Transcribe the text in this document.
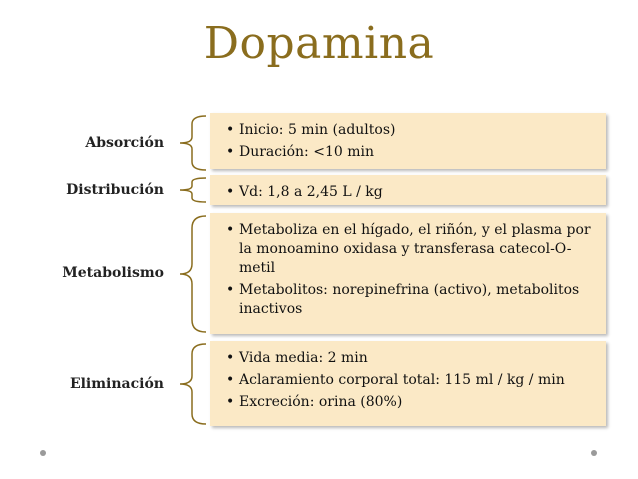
Dopamina
Absorción
• Inicio: 5 min (adultos)
• Duración: <10 min
Distribución	• Vd: 1,8 a 2,45 L / kg
Metabolismo
• Metaboliza en el hígado, el riñón, y el plasma por la monoamino oxidasa y transferasa catecol-O-metil
• Metabolitos: norepinefrina (activo), metabolitos inactivos
Eliminación
• Vida media: 2 min
• Aclaramiento corporal total: 115 ml / kg / min
• Excreción: orina (80%)
